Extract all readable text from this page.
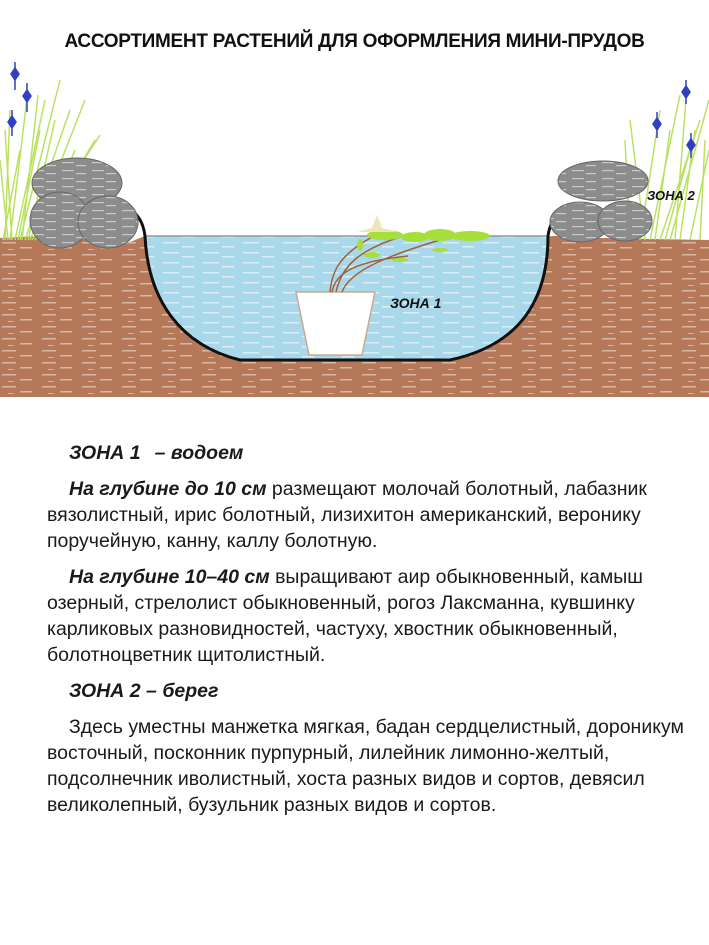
АССОРТИМЕНТ РАСТЕНИЙ ДЛЯ ОФОРМЛЕНИЯ МИНИ-ПРУДОВ
ЗОНА 1
ЗОНА 2

ЗОНА 1 – водоем

На глубине до 10 см размещают молочай болотный, лабазник вязолистный, ирис болотный, лизихитон американский, веронику поручейную, канну, каллу болотную.

На глубине 10–40 см выращивают аир обыкновенный, камыш озерный, стрелолист обыкновенный, рогоз Лаксманна, кувшинку карликовых разновидностей, частуху, хвостник обыкновенный, болотноцветник щитолистный.

ЗОНА 2 – берег

Здесь уместны манжетка мягкая, бадан сердцелистный, дороникум восточный, посконник пурпурный, лилейник лимонно-желтый, подсолнечник иволистный, хоста разных видов и сортов, девясил великолепный, бузульник разных видов и сортов.
